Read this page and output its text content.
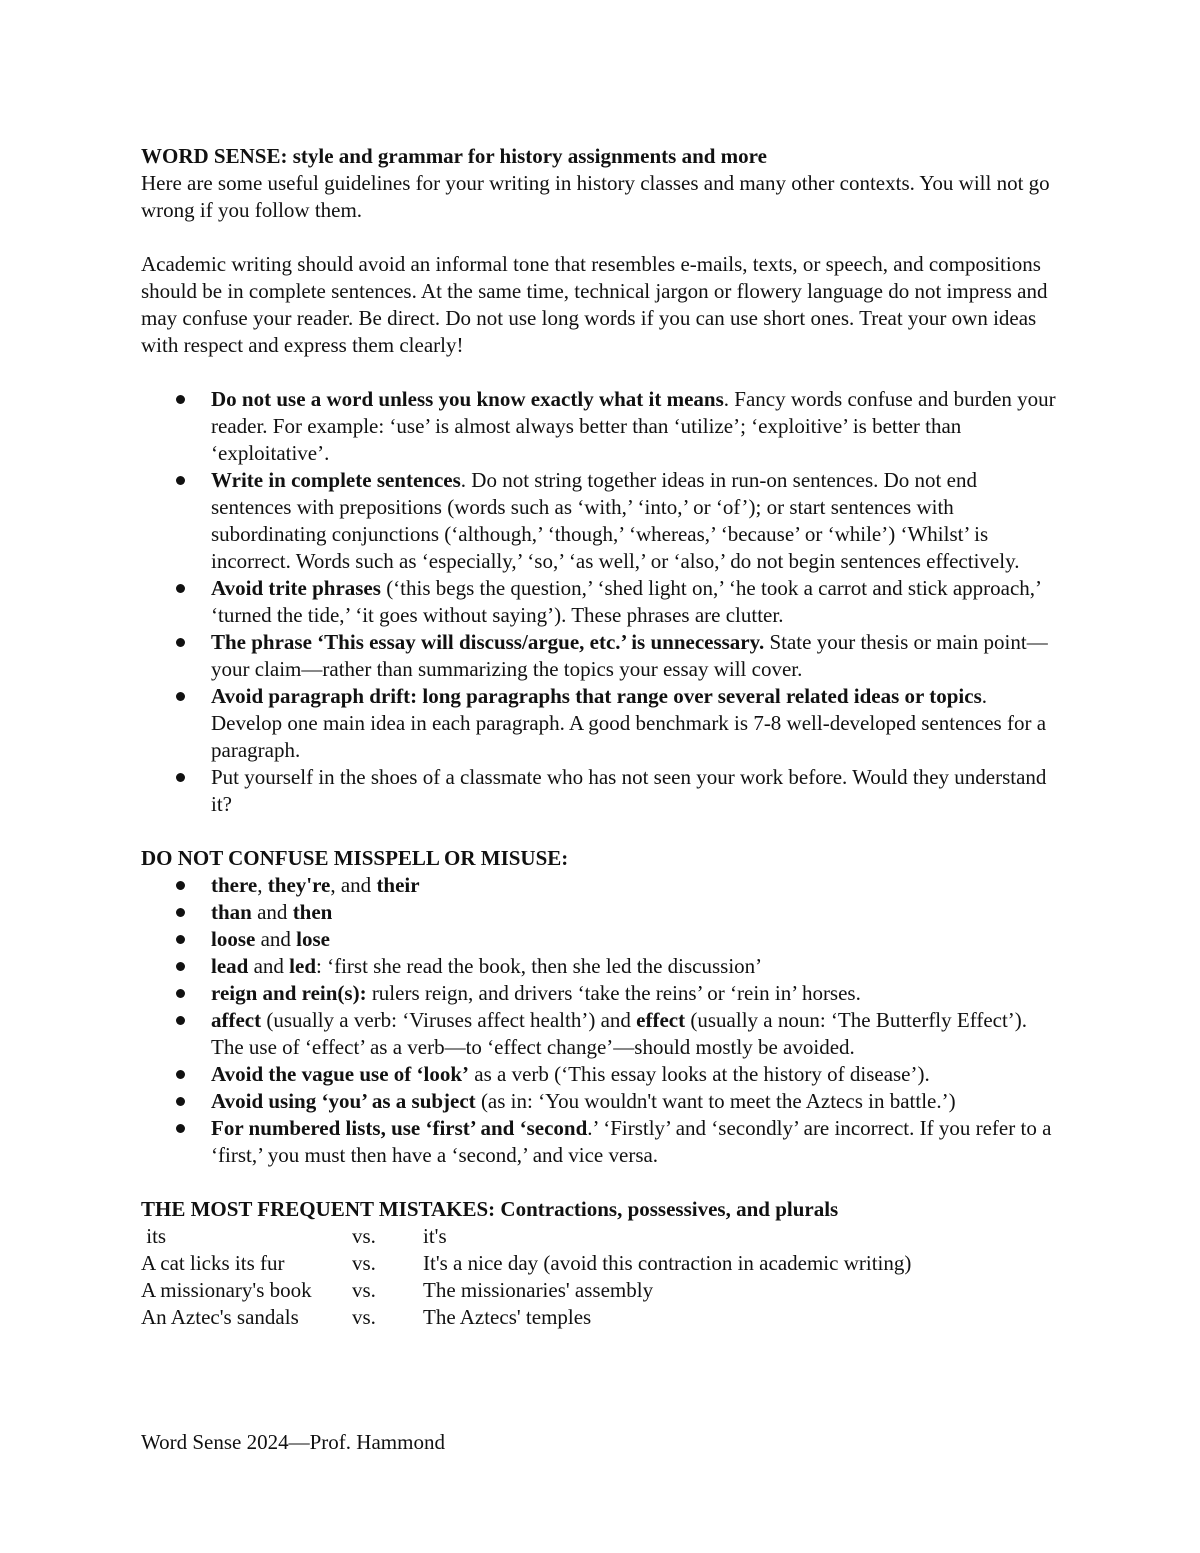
WORD SENSE: style and grammar for history assignments and more

Here are some useful guidelines for your writing in history classes and many other contexts. You will not go wrong if you follow them.

Academic writing should avoid an informal tone that resembles e-mails, texts, or speech, and compositions should be in complete sentences. At the same time, technical jargon or flowery language do not impress and may confuse your reader. Be direct. Do not use long words if you can use short ones. Treat your own ideas with respect and express them clearly!

Do not use a word unless you know exactly what it means. Fancy words confuse and burden your reader. For example: ‘use’ is almost always better than ‘utilize’; ‘exploitive’ is better than ‘exploitative’.
Write in complete sentences. Do not string together ideas in run-on sentences. Do not end sentences with prepositions (words such as ‘with,’ ‘into,’ or ‘of’); or start sentences with subordinating conjunctions (‘although,’ ‘though,’ ‘whereas,’ ‘because’ or ‘while’) ‘Whilst’ is incorrect. Words such as ‘especially,’ ‘so,’ ‘as well,’ or ‘also,’ do not begin sentences effectively.
Avoid trite phrases (‘this begs the question,’ ‘shed light on,’ ‘he took a carrot and stick approach,’ ‘turned the tide,’ ‘it goes without saying’). These phrases are clutter.
The phrase ‘This essay will discuss/argue, etc.’ is unnecessary. State your thesis or main point—your claim—rather than summarizing the topics your essay will cover.
Avoid paragraph drift: long paragraphs that range over several related ideas or topics. Develop one main idea in each paragraph. A good benchmark is 7-8 well-developed sentences for a paragraph.
Put yourself in the shoes of a classmate who has not seen your work before. Would they understand it?

DO NOT CONFUSE MISSPELL OR MISUSE:

there, they're, and their
than and then
loose and lose
lead and led: ‘first she read the book, then she led the discussion’
reign and rein(s): rulers reign, and drivers ‘take the reins’ or ‘rein in’ horses.
affect (usually a verb: ‘Viruses affect health’) and effect (usually a noun: ‘The Butterfly Effect’). The use of ‘effect’ as a verb—to ‘effect change’—should mostly be avoided.
Avoid the vague use of ‘look’ as a verb (‘This essay looks at the history of disease’).
Avoid using ‘you’ as a subject (as in: ‘You wouldn't want to meet the Aztecs in battle.’)
For numbered lists, use ‘first’ and ‘second.’ ‘Firstly’ and ‘secondly’ are incorrect. If you refer to a ‘first,’ you must then have a ‘second,’ and vice versa.

THE MOST FREQUENT MISTAKES: Contractions, possessives, and plurals

its	vs.	it's
A cat licks its fur	vs.	It's a nice day (avoid this contraction in academic writing)
A missionary's book	vs.	The missionaries' assembly
An Aztec's sandals	vs.	The Aztecs' temples

Word Sense 2024—Prof. Hammond
